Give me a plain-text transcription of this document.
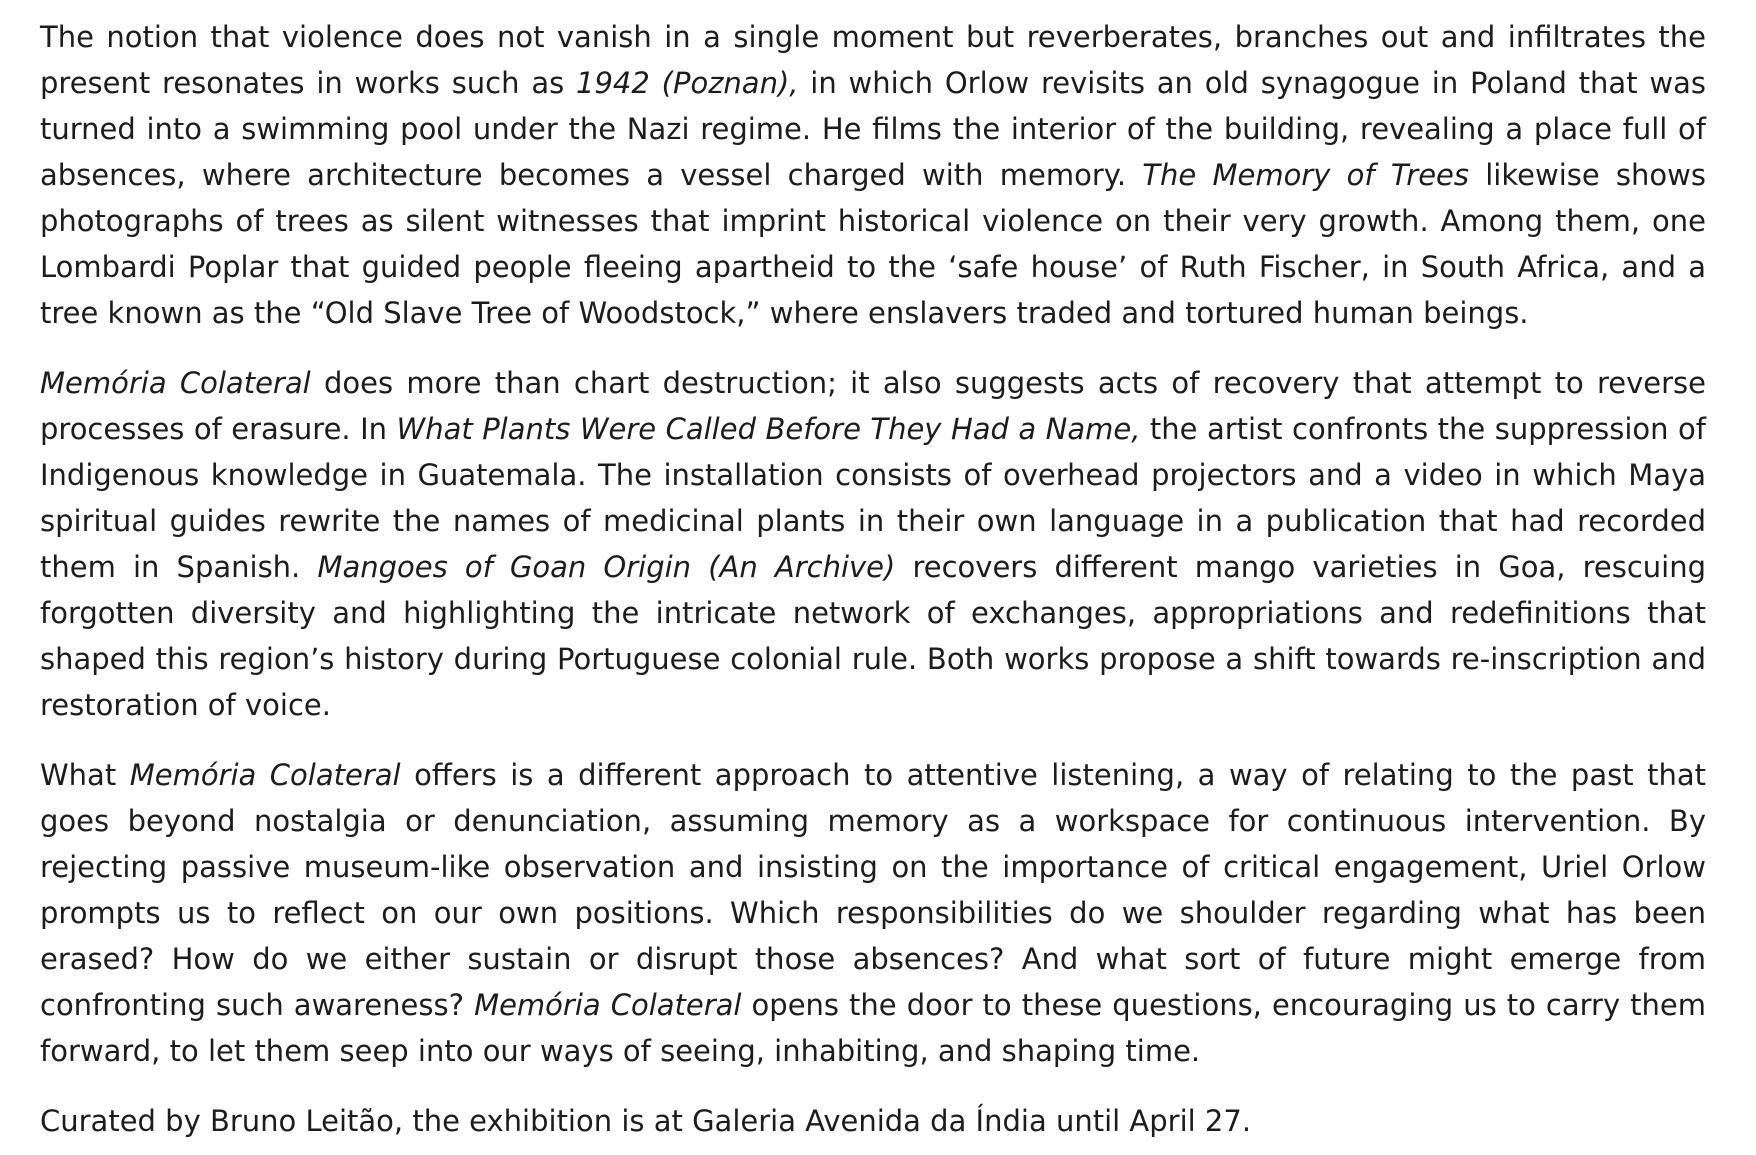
The notion that violence does not vanish in a single moment but reverberates, branches out and infiltrates the present resonates in works such as 1942 (Poznan), in which Orlow revisits an old synagogue in Poland that was turned into a swimming pool under the Nazi regime. He films the interior of the building, revealing a place full of absences, where architecture becomes a vessel charged with memory. The Memory of Trees likewise shows photographs of trees as silent witnesses that imprint historical violence on their very growth. Among them, one Lombardi Poplar that guided people fleeing apartheid to the ‘safe house’ of Ruth Fischer, in South Africa, and a tree known as the “Old Slave Tree of Woodstock,” where enslavers traded and tortured human beings.

Memória Colateral does more than chart destruction; it also suggests acts of recovery that attempt to reverse processes of erasure. In What Plants Were Called Before They Had a Name, the artist confronts the suppression of Indigenous knowledge in Guatemala. The installation consists of overhead projectors and a video in which Maya spiritual guides rewrite the names of medicinal plants in their own language in a publication that had recorded them in Spanish. Mangoes of Goan Origin (An Archive) recovers different mango varieties in Goa, rescuing forgotten diversity and highlighting the intricate network of exchanges, appropriations and redefinitions that shaped this region’s history during Portuguese colonial rule. Both works propose a shift towards re-inscription and restoration of voice.

What Memória Colateral offers is a different approach to attentive listening, a way of relating to the past that goes beyond nostalgia or denunciation, assuming memory as a workspace for continuous intervention. By rejecting passive museum-like observation and insisting on the importance of critical engagement, Uriel Orlow prompts us to reflect on our own positions. Which responsibilities do we shoulder regarding what has been erased? How do we either sustain or disrupt those absences? And what sort of future might emerge from confronting such awareness? Memória Colateral opens the door to these questions, encouraging us to carry them forward, to let them seep into our ways of seeing, inhabiting, and shaping time.

Curated by Bruno Leitão, the exhibition is at Galeria Avenida da Índia until April 27.
